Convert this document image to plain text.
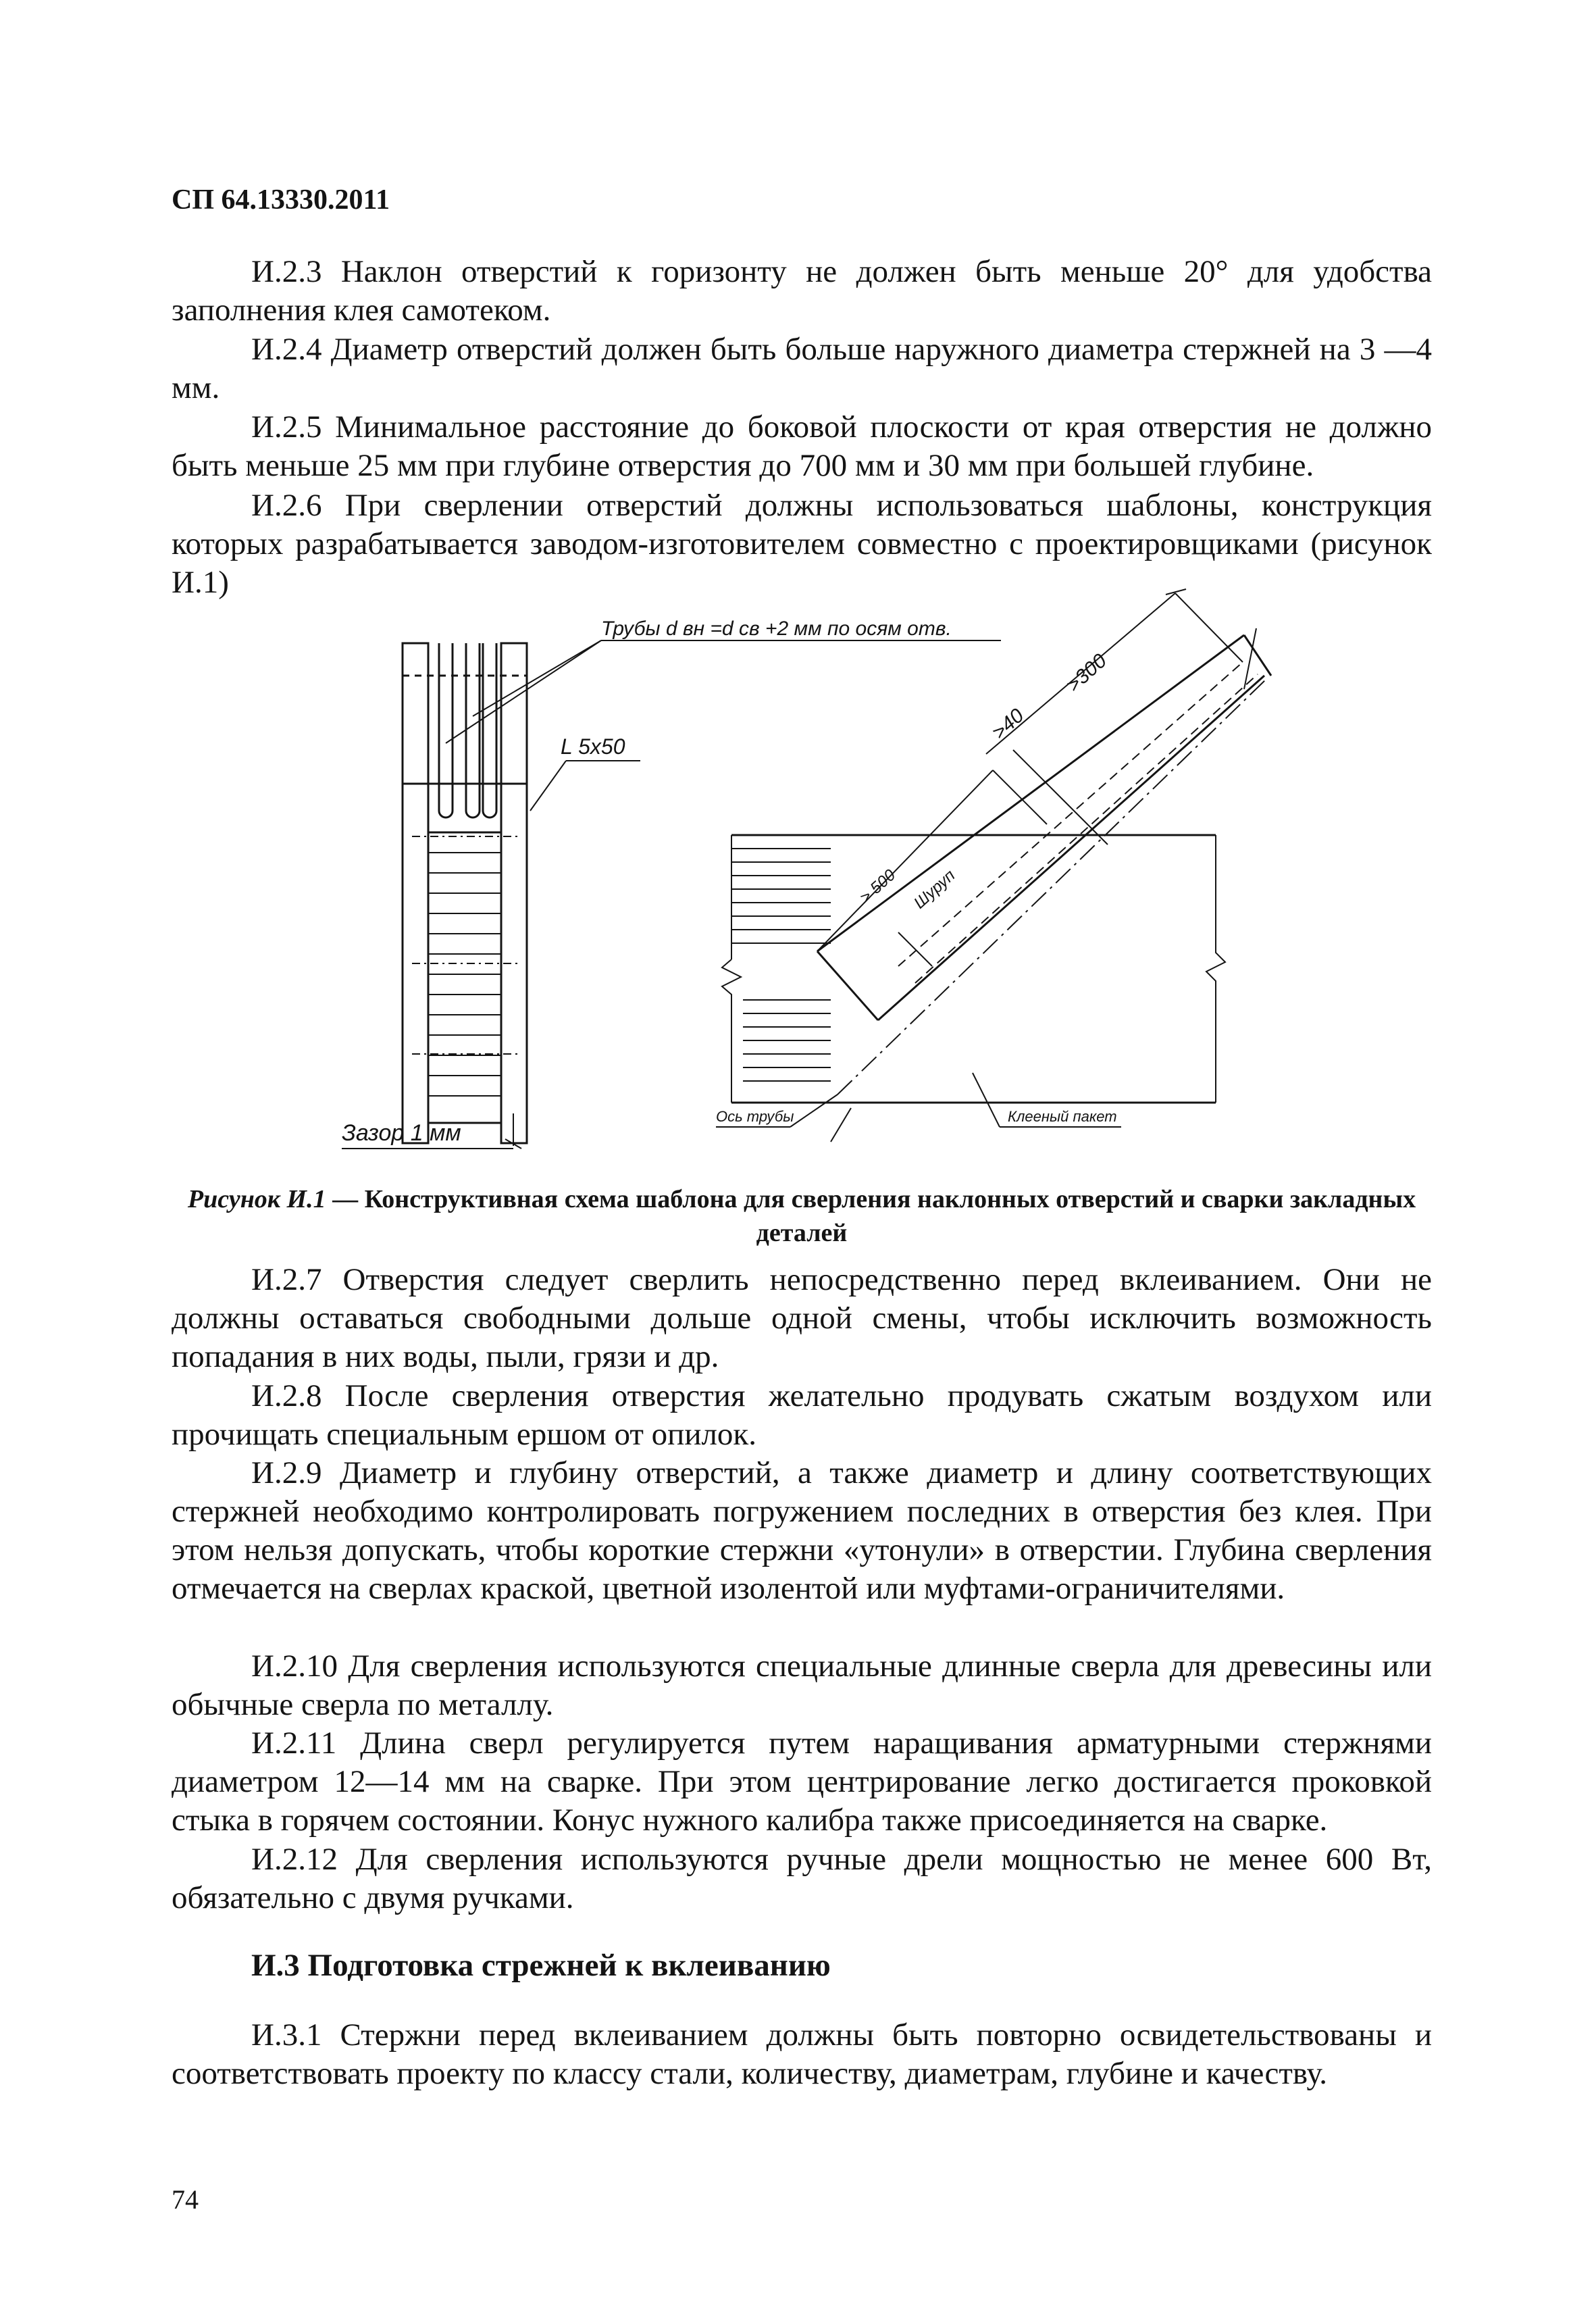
СП 64.13330.2011

И.2.3 Наклон отверстий к горизонту не должен быть меньше 20° для удобства заполнения клея самотеком.

И.2.4 Диаметр отверстий должен быть больше наружного диаметра стержней на 3 —4 мм.

И.2.5 Минимальное расстояние до боковой плоскости от края отверстия не должно быть меньше 25 мм при глубине отверстия до 700 мм и 30 мм при большей глубине.

И.2.6 При сверлении отверстий должны использоваться шаблоны, конструкция которых разрабатывается заводом-изготовителем совместно с проектировщиками (рисунок И.1)

Трубы d вн =d св +2 мм по осям отв.
L 5x50
Зазор 1 мм
Ось трубы	Клееный пакет
>40
>300
> 500 Шуруп
Рисунок И.1 — Конструктивная схема шаблона для сверления наклонных отверстий и сварки закладных деталей

И.2.7 Отверстия следует сверлить непосредственно перед вклеиванием. Они не должны оставаться свободными дольше одной смены, чтобы исключить возможность попадания в них воды, пыли, грязи и др.

И.2.8 После сверления отверстия желательно продувать сжатым воздухом или прочищать специальным ершом от опилок.

И.2.9 Диаметр и глубину отверстий, а также диаметр и длину соответствующих стержней необходимо контролировать погружением последних в отверстия без клея. При этом нельзя допускать, чтобы короткие стержни «утонули» в отверстии. Глубина сверления отмечается на сверлах краской, цветной изолентой или муфтами-ограничителями.

И.2.10 Для сверления используются специальные длинные сверла для древесины или обычные сверла по металлу.

И.2.11 Длина сверл регулируется путем наращивания арматурными стержнями диаметром 12—14 мм на сварке. При этом центрирование легко достигается проковкой стыка в горячем состоянии. Конус нужного калибра также присоединяется на сварке.

И.2.12 Для сверления используются ручные дрели мощностью не менее 600 Вт, обязательно с двумя ручками.

И.3 Подготовка стрежней к вклеиванию

И.3.1 Стержни перед вклеиванием должны быть повторно освидетельствованы и соответствовать проекту по классу стали, количеству, диаметрам, глубине и качеству.

74
